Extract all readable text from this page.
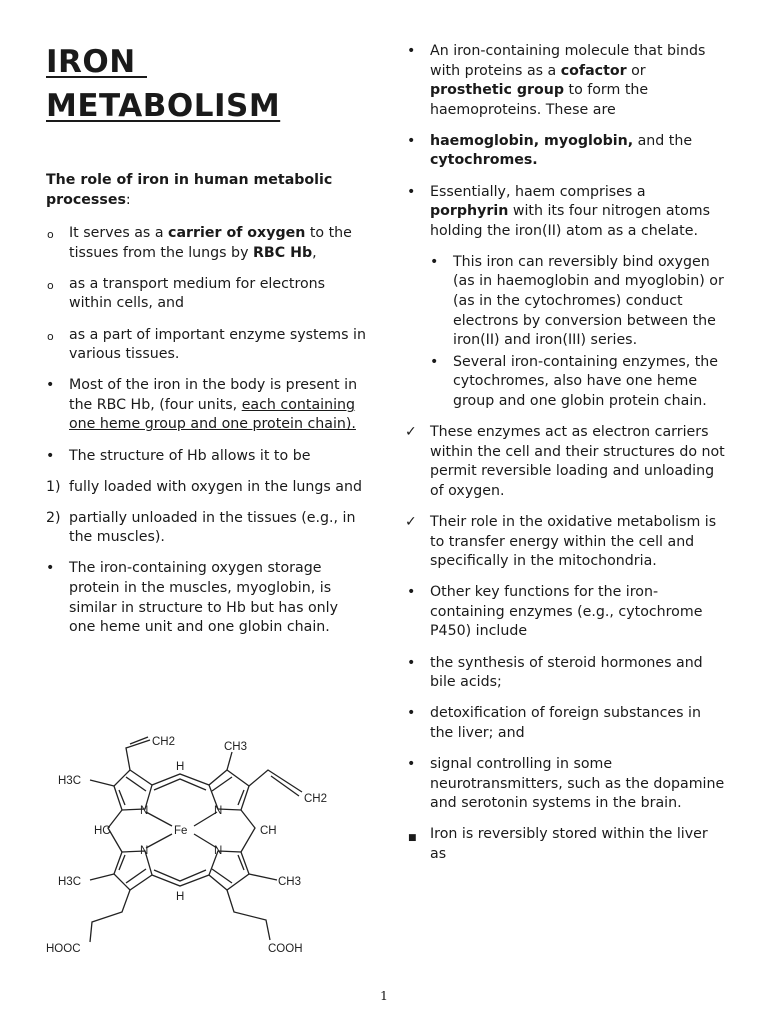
IRON
METABOLISM

The role of iron in human metabolic processes:

o It serves as a carrier of oxygen to the tissues from the lungs by RBC Hb,
o as a transport medium for electrons within cells, and
o as a part of important enzyme systems in various tissues.
• Most of the iron in the body is present in the RBC Hb, (four units, each containing one heme group and one protein chain).
• The structure of Hb allows it to be
1) fully loaded with oxygen in the lungs and
2) partially unloaded in the tissues (e.g., in the muscles).
• The iron-containing oxygen storage protein in the muscles, myoglobin, is similar in structure to Hb but has only one heme unit and one globin chain.
CH2	CH3
H3C
CH2
H
HC	CH
Fe
N	N
N	N
H3C	CH3
H
HOOC	COOH
• An iron-containing molecule that binds with proteins as a cofactor or prosthetic group to form the haemoproteins. These are
• haemoglobin, myoglobin, and the cytochromes.
• Essentially, haem comprises a porphyrin with its four nitrogen atoms holding the iron(II) atom as a chelate.
• This iron can reversibly bind oxygen (as in haemoglobin and myoglobin) or (as in the cytochromes) conduct electrons by conversion between the iron(II) and iron(III) series.
• Several iron-containing enzymes, the cytochromes, also have one heme group and one globin protein chain.
✓ These enzymes act as electron carriers within the cell and their structures do not permit reversible loading and unloading of oxygen.
✓ Their role in the oxidative metabolism is to transfer energy within the cell and specifically in the mitochondria.
• Other key functions for the iron-containing enzymes (e.g., cytochrome P450) include
• the synthesis of steroid hormones and bile acids;
• detoxification of foreign substances in the liver; and
• signal controlling in some neurotransmitters, such as the dopamine and serotonin systems in the brain.
■ Iron is reversibly stored within the liver as
1
